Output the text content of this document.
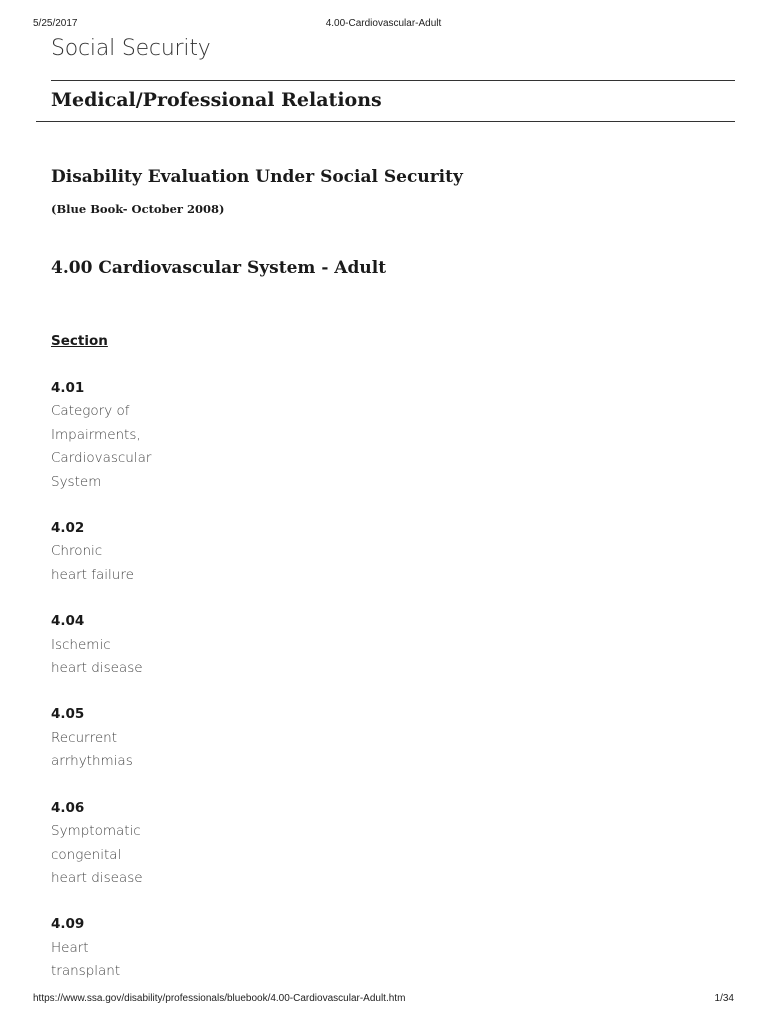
5/25/2017	4.00-Cardiovascular-Adult
Social Security
Medical/Professional Relations
Disability Evaluation Under Social Security
(Blue Book- October 2008)
4.00 Cardiovascular System - Adult
Section
4.01
Category of
Impairments,
Cardiovascular
System
4.02
Chronic
heart failure
4.04
Ischemic
heart disease
4.05
Recurrent
arrhythmias
4.06
Symptomatic
congenital
heart disease
4.09
Heart
transplant
https://www.ssa.gov/disability/professionals/bluebook/4.00-Cardiovascular-Adult.htm	1/34
